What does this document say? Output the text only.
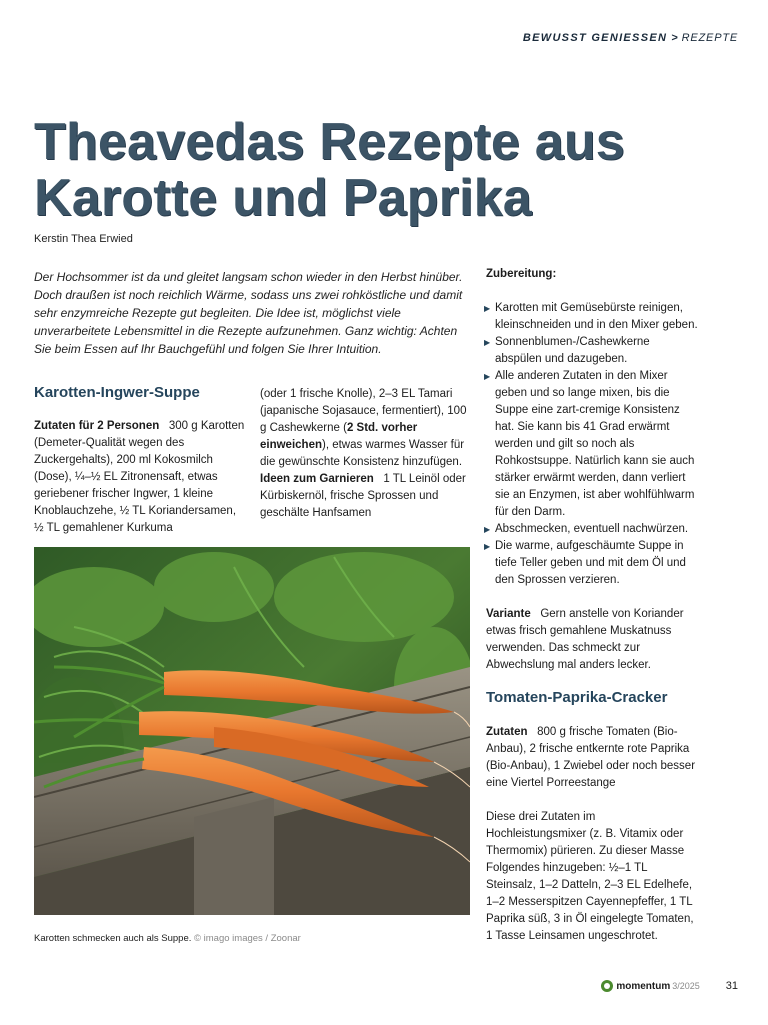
BEWUSST GENIESSEN > REZEPTE
Theavedas Rezepte aus
Karotte und Paprika
Kerstin Thea Erwied

Der Hochsommer ist da und gleitet langsam schon wieder in den Herbst hinüber. Doch draußen ist noch reichlich Wärme, sodass uns zwei rohköstliche und damit sehr enzymreiche Rezepte gut begleiten. Die Idee ist, möglichst viele unverarbeitete Lebensmittel in die Rezepte aufzunehmen. Ganz wichtig: Achten Sie beim Essen auf Ihr Bauchgefühl und folgen Sie Ihrer Intuition.

Karotten-Ingwer-Suppe
Zutaten für 2 Personen 300 g Karotten (Demeter-Qualität wegen des Zuckergehalts), 200 ml Kokosmilch (Dose), ¼–½ EL Zitronensaft, etwas geriebener frischer Ingwer, 1 kleine Knoblauchzehe, ½ TL Koriandersamen, ½ TL gemahlener Kurkuma
(oder 1 frische Knolle), 2–3 EL Tamari (japanische Sojasauce, fermentiert), 100 g Cashewkerne (2 Std. vorher einweichen), etwas warmes Wasser für die gewünschte Konsistenz hinzufügen.
Ideen zum Garnieren 1 TL Leinöl oder Kürbiskernöl, frische Sprossen und geschälte Hanfsamen
Zubereitung:
▶ Karotten mit Gemüsebürste reinigen, kleinschneiden und in den Mixer geben.
▶ Sonnenblumen-/Cashewkerne abspülen und dazugeben.
▶ Alle anderen Zutaten in den Mixer geben und so lange mixen, bis die Suppe eine zart-cremige Konsistenz hat. Sie kann bis 41 Grad erwärmt werden und gilt so noch als Rohkostsuppe. Natürlich kann sie auch stärker erwärmt werden, dann verliert sie an Enzymen, ist aber wohlfühlwarm für den Darm.
▶ Abschmecken, eventuell nachwürzen.
▶ Die warme, aufgeschäumte Suppe in tiefe Teller geben und mit dem Öl und den Sprossen verzieren.

Variante Gern anstelle von Koriander etwas frisch gemahlene Muskatnuss verwenden. Das schmeckt zur Abwechslung mal anders lecker.

Tomaten-Paprika-Cracker

Zutaten 800 g frische Tomaten (Bio-Anbau), 2 frische entkernte rote Paprika (Bio-Anbau), 1 Zwiebel oder noch besser eine Viertel Porreestange

Diese drei Zutaten im Hochleistungsmixer (z. B. Vitamix oder Thermomix) pürieren. Zu dieser Masse Folgendes hinzugeben: ½–1 TL Steinsalz, 1–2 Datteln, 2–3 EL Edelhefe, 1–2 Messerspitzen Cayennepfeffer, 1 TL Paprika süß, 3 in Öl eingelegte Tomaten, 1 Tasse Leinsamen ungeschrotet.

Karotten schmecken auch als Suppe. © imago images / Zoonar
momentum 3/2025 31
